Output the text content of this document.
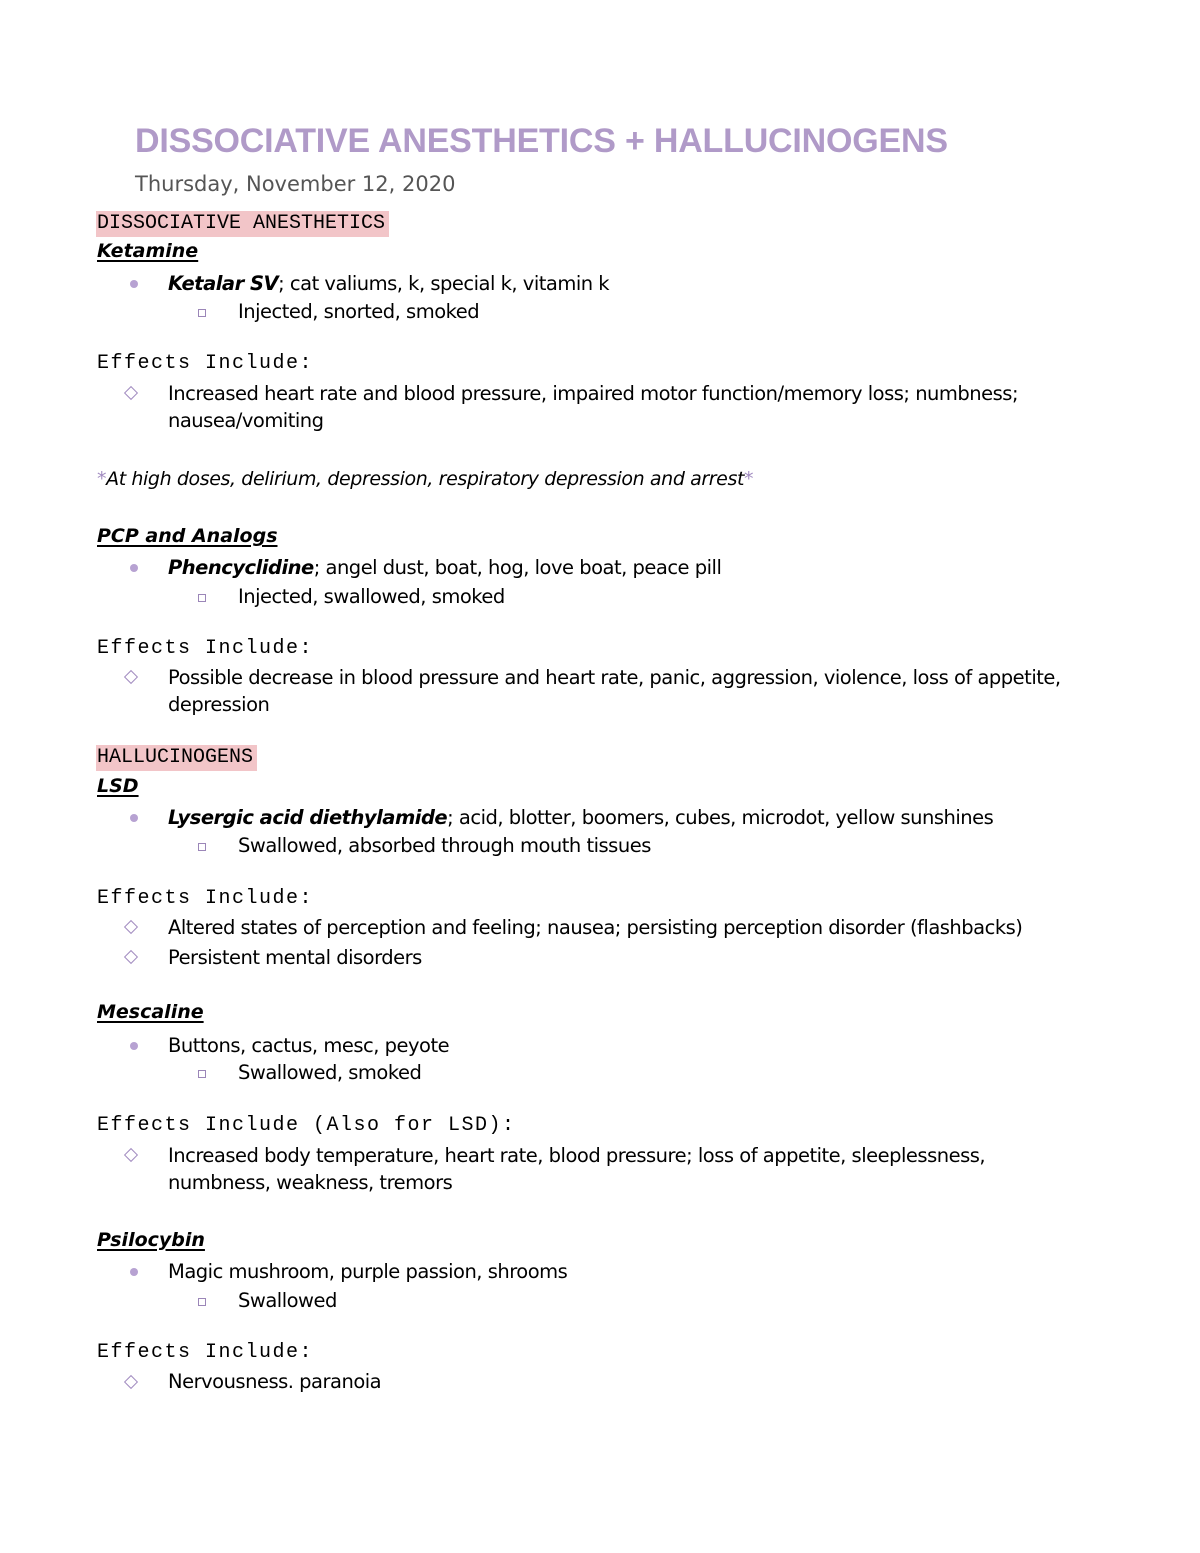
DISSOCIATIVE ANESTHETICS + HALLUCINOGENS
Thursday, November 12, 2020
DISSOCIATIVE ANESTHETICS
Ketamine
Ketalar SV; cat valiums, k, special k, vitamin k
Injected, snorted, smoked
Effects Include:
Increased heart rate and blood pressure, impaired motor function/memory loss; numbness; nausea/vomiting
*At high doses, delirium, depression, respiratory depression and arrest*
PCP and Analogs
Phencyclidine; angel dust, boat, hog, love boat, peace pill
Injected, swallowed, smoked
Effects Include:
Possible decrease in blood pressure and heart rate, panic, aggression, violence, loss of appetite, depression
HALLUCINOGENS
LSD
Lysergic acid diethylamide; acid, blotter, boomers, cubes, microdot, yellow sunshines
Swallowed, absorbed through mouth tissues
Effects Include:
Altered states of perception and feeling; nausea; persisting perception disorder (flashbacks)
Persistent mental disorders
Mescaline
Buttons, cactus, mesc, peyote
Swallowed, smoked
Effects Include (Also for LSD):
Increased body temperature, heart rate, blood pressure; loss of appetite, sleeplessness, numbness, weakness, tremors
Psilocybin
Magic mushroom, purple passion, shrooms
Swallowed
Effects Include:
Nervousness. paranoia
